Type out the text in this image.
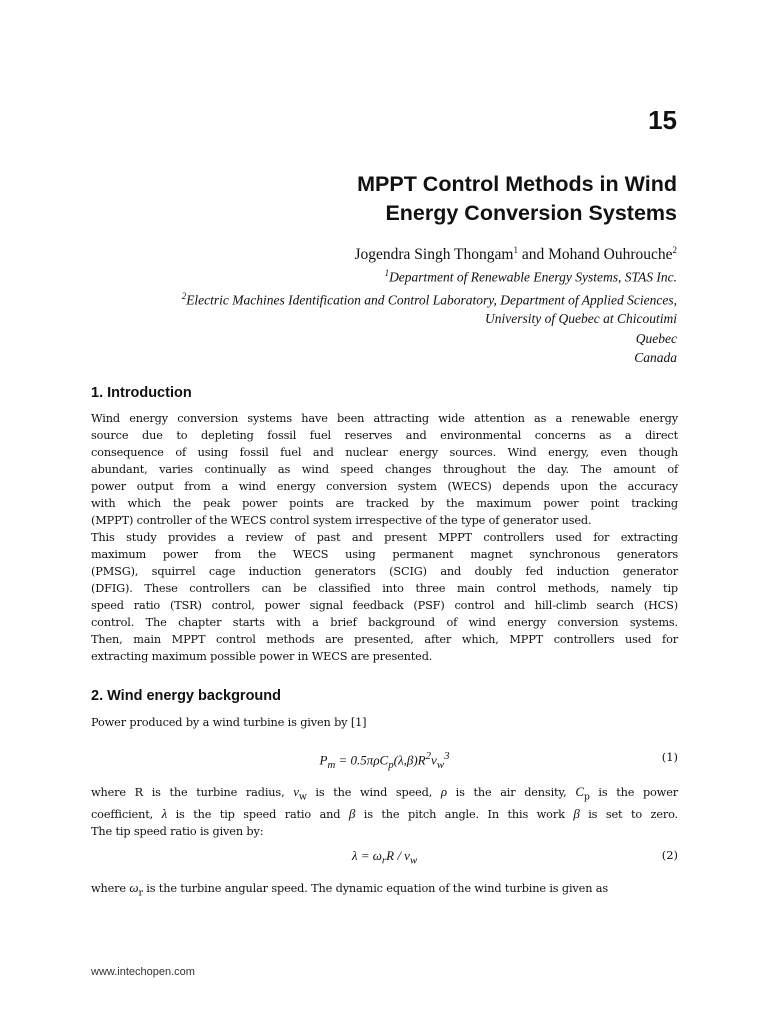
15
MPPT Control Methods in Wind
Energy Conversion Systems
Jogendra Singh Thongam$^1$ and Mohand Ouhrouche$^2$
$^1$Department of Renewable Energy Systems, STAS Inc.
$^2$Electric Machines Identification and Control Laboratory, Department of Applied Sciences,
University of Quebec at Chicoutimi
Quebec
Canada
1. Introduction
Wind energy conversion systems have been attracting wide attention as a renewable energy
source due to depleting fossil fuel reserves and environmental concerns as a direct
consequence of using fossil fuel and nuclear energy sources. Wind energy, even though
abundant, varies continually as wind speed changes throughout the day. The amount of
power output from a wind energy conversion system (WECS) depends upon the accuracy
with which the peak power points are tracked by the maximum power point tracking
(MPPT) controller of the WECS control system irrespective of the type of generator used.
This study provides a review of past and present MPPT controllers used for extracting
maximum power from the WECS using permanent magnet synchronous generators
(PMSG), squirrel cage induction generators (SCIG) and doubly fed induction generator
(DFIG). These controllers can be classified into three main control methods, namely tip
speed ratio (TSR) control, power signal feedback (PSF) control and hill-climb search (HCS)
control. The chapter starts with a brief background of wind energy conversion systems.
Then, main MPPT control methods are presented, after which, MPPT controllers used for
extracting maximum possible power in WECS are presented.
2. Wind energy background
Power produced by a wind turbine is given by [1]
$P_m = 0.5\pi\rho C_p(\lambda,\beta)R^2v_w^3$	(1)
where R is the turbine radius, $v_w$ is the wind speed, ρ is the air density, $C_p$ is the power
coefficient, λ is the tip speed ratio and β is the pitch angle. In this work β is set to zero.
The tip speed ratio is given by:
$\lambda = \omega_rR / v_w$	(2)
where $\omega_r$ is the turbine angular speed. The dynamic equation of the wind turbine is given as
www.intechopen.com
